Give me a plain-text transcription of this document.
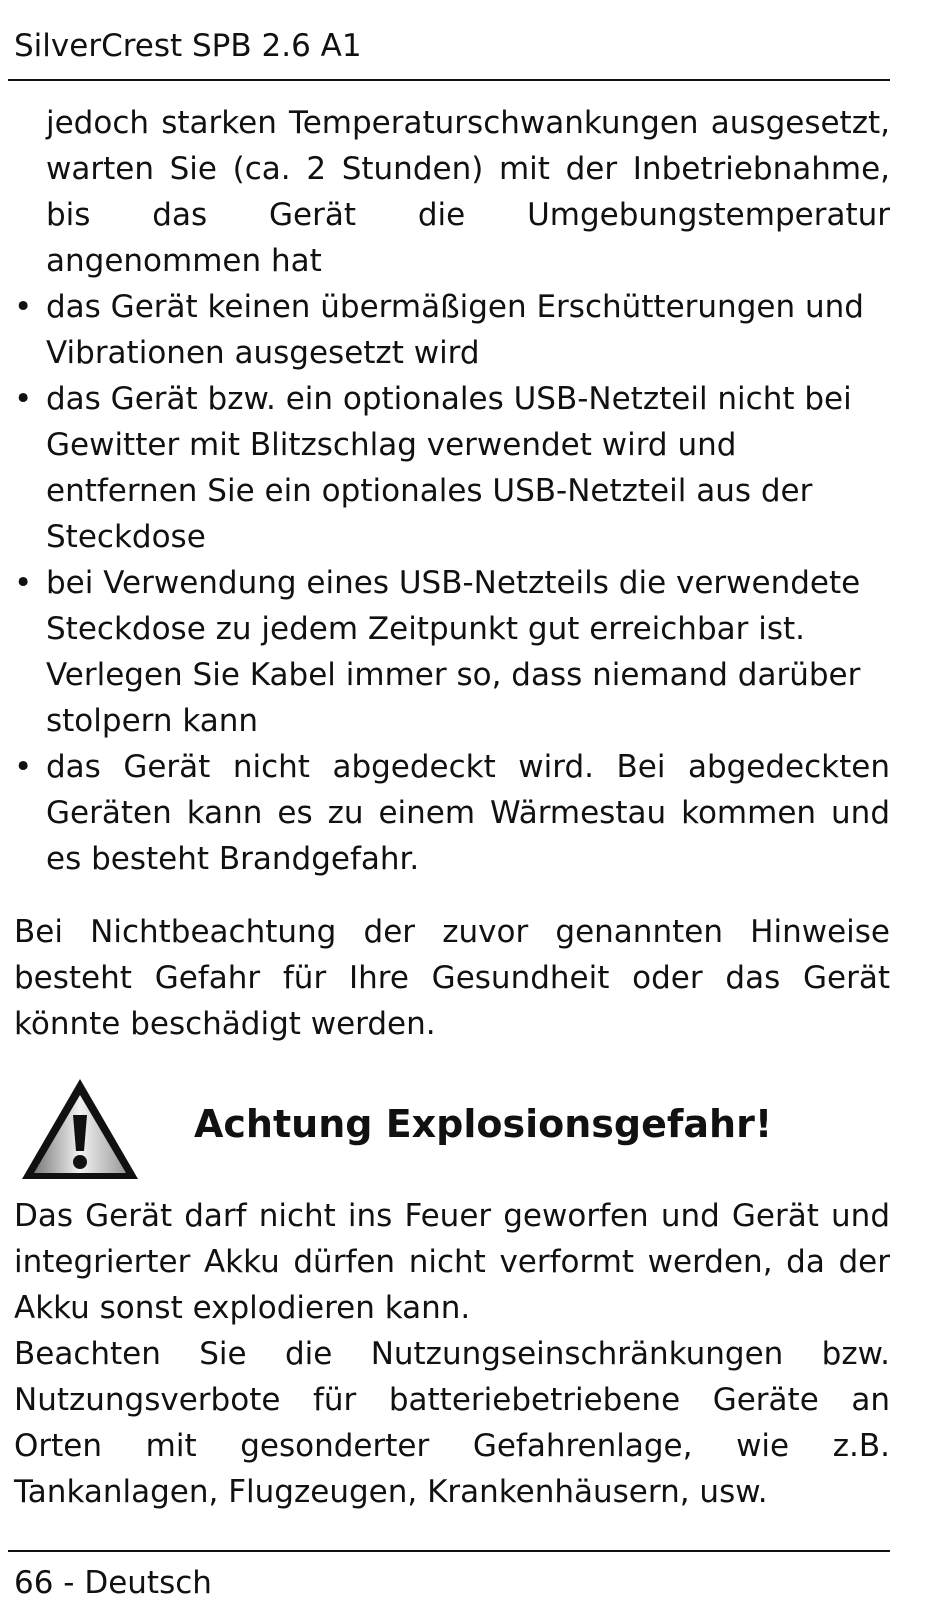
SilverCrest SPB 2.6 A1
jedoch starken Temperaturschwankungen ausgesetzt, warten Sie (ca. 2 Stunden) mit der Inbetriebnahme, bis das Gerät die Umgebungstemperatur angenommen hat
• das Gerät keinen übermäßigen Erschütterungen und Vibrationen ausgesetzt wird
• das Gerät bzw. ein optionales USB-Netzteil nicht bei Gewitter mit Blitzschlag verwendet wird und entfernen Sie ein optionales USB-Netzteil aus der Steckdose
• bei Verwendung eines USB-Netzteils die verwendete Steckdose zu jedem Zeitpunkt gut erreichbar ist. Verlegen Sie Kabel immer so, dass niemand darüber stolpern kann
• das Gerät nicht abgedeckt wird. Bei abgedeckten Geräten kann es zu einem Wärmestau kommen und es besteht Brandgefahr.

Bei Nichtbeachtung der zuvor genannten Hinweise besteht Gefahr für Ihre Gesundheit oder das Gerät könnte beschädigt werden.

Achtung Explosionsgefahr!

Das Gerät darf nicht ins Feuer geworfen und Gerät und integrierter Akku dürfen nicht verformt werden, da der Akku sonst explodieren kann.

Beachten Sie die Nutzungseinschränkungen bzw. Nutzungsverbote für batteriebetriebene Geräte an Orten mit gesonderter Gefahrenlage, wie z.B. Tankanlagen, Flugzeugen, Krankenhäusern, usw.

66 - Deutsch
